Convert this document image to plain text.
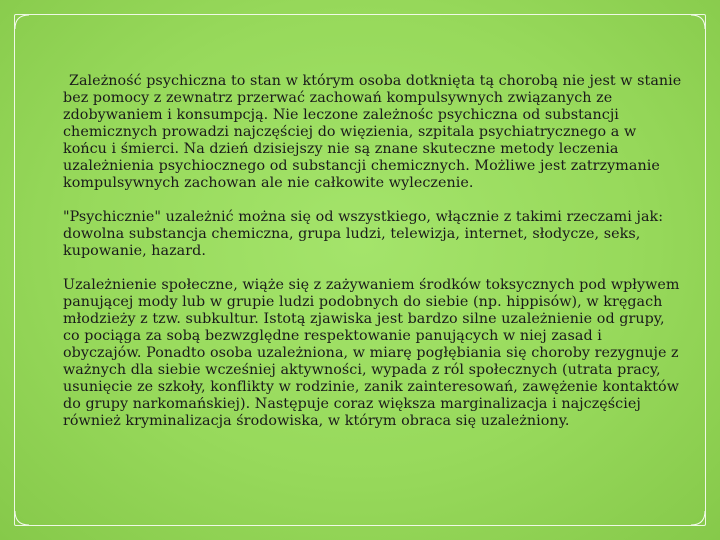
Zależność psychiczna to stan w którym osoba dotknięta tą chorobą nie jest w stanie bez pomocy z zewnatrz przerwać zachowań kompulsywnych związanych ze zdobywaniem i konsumpcją. Nie leczone zależnośc psychiczna od substancji chemicznych prowadzi najczęściej do więzienia, szpitala psychiatrycznego a w końcu i śmierci. Na dzień dzisiejszy nie są znane skuteczne metody leczenia uzależnienia psychiocznego od substancji chemicznych. Możliwe jest zatrzymanie kompulsywnych zachowan ale nie całkowite wyleczenie.

"Psychicznie" uzależnić można się od wszystkiego, włącznie z takimi rzeczami jak: dowolna substancja chemiczna, grupa ludzi, telewizja, internet, słodycze, seks, kupowanie, hazard.

Uzależnienie społeczne, wiąże się z zażywaniem środków toksycznych pod wpływem panującej mody lub w grupie ludzi podobnych do siebie (np. hippisów), w kręgach młodzieży z tzw. subkultur. Istotą zjawiska jest bardzo silne uzależnienie od grupy, co pociąga za sobą bezwzględne respektowanie panujących w niej zasad i obyczajów. Ponadto osoba uzależniona, w miarę pogłębiania się choroby rezygnuje z ważnych dla siebie wcześniej aktywności, wypada z ról społecznych (utrata pracy, usunięcie ze szkoły, konflikty w rodzinie, zanik zainteresowań, zawężenie kontaktów do grupy narkomańskiej). Następuje coraz większa marginalizacja i najczęściej również kryminalizacja środowiska, w którym obraca się uzależniony.
